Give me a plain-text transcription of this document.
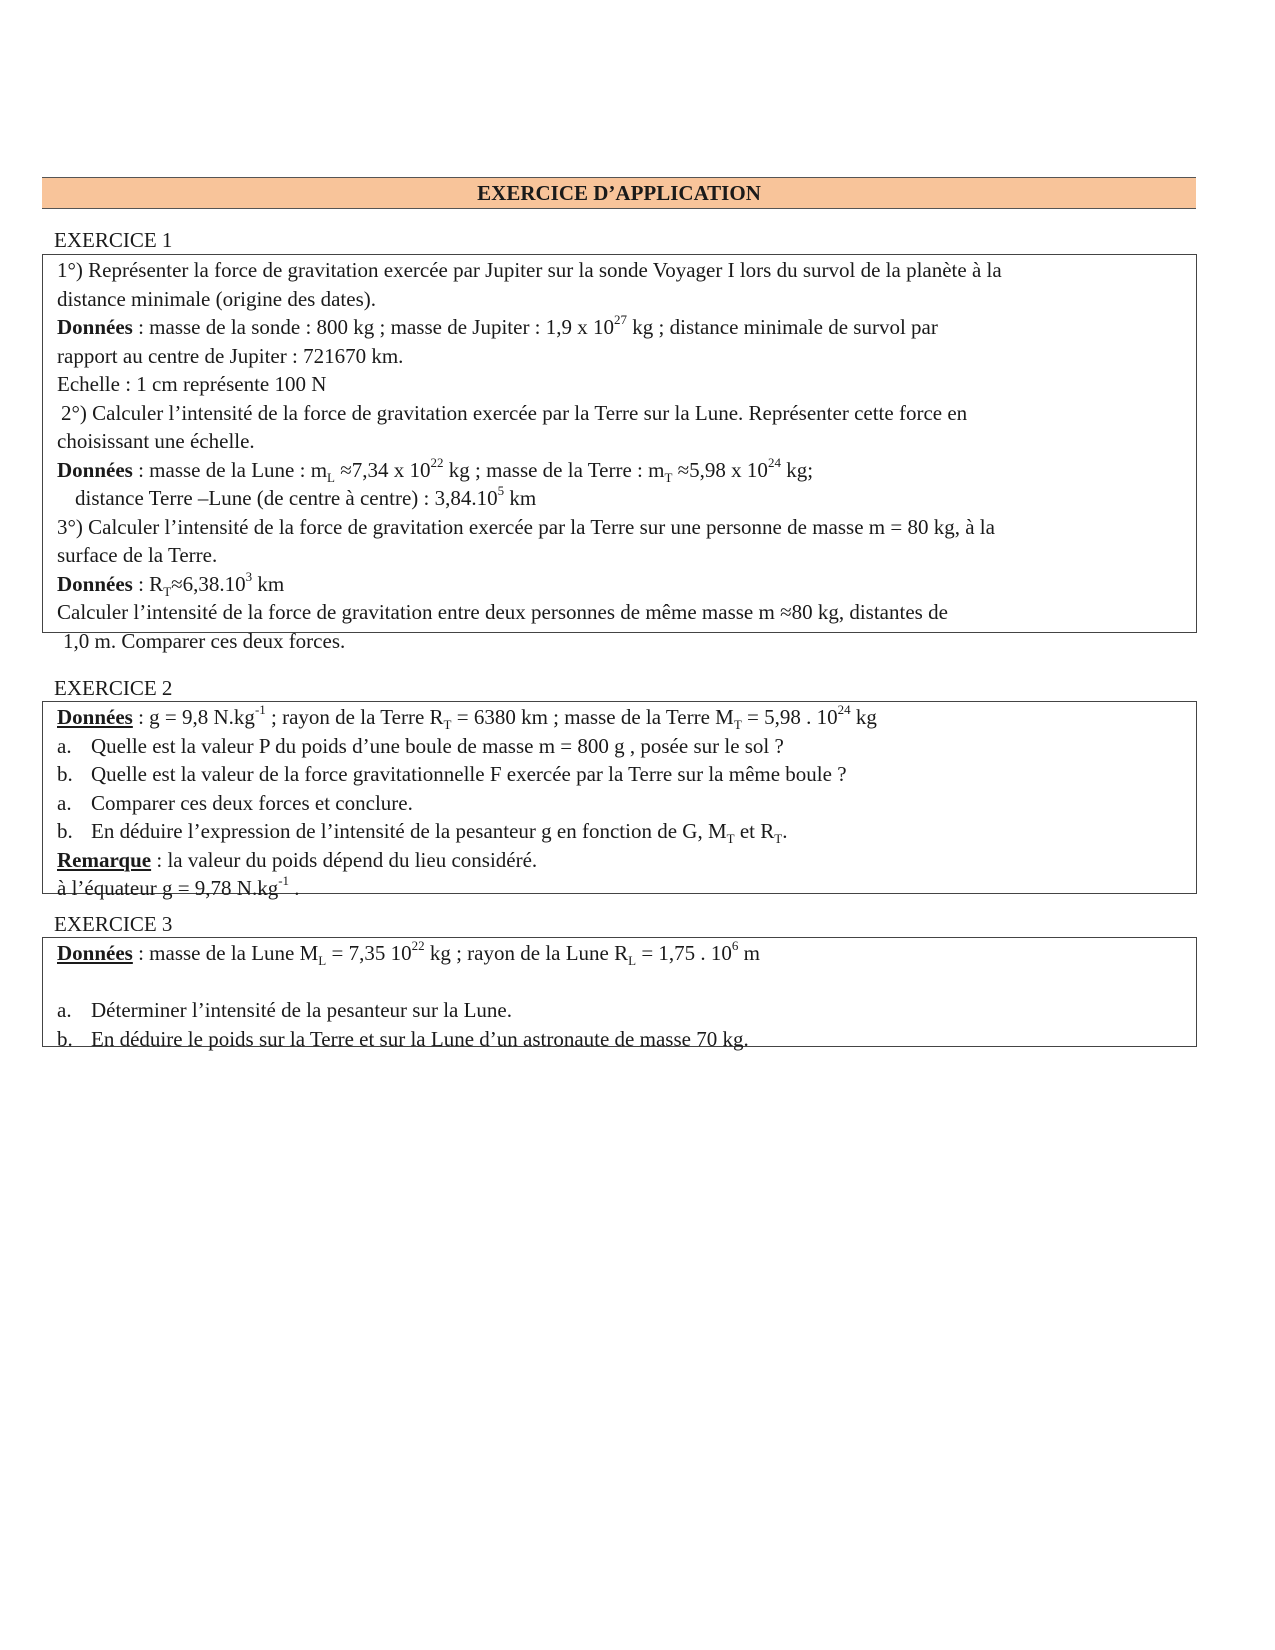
EXERCICE D’APPLICATION
EXERCICE 1
1°) Représenter la force de gravitation exercée par Jupiter sur la sonde Voyager I lors du survol de la planète à la
distance minimale (origine des dates).
Données : masse de la sonde : 800 kg ; masse de Jupiter : 1,9 x $10^{27}$ kg ; distance minimale de survol par
rapport au centre de Jupiter : 721670 km.
Echelle : 1 cm représente 100 N
2°) Calculer l’intensité de la force de gravitation exercée par la Terre sur la Lune. Représenter cette force en
choisissant une échelle.
Données : masse de la Lune : $m_L \approx 7,34$ x $10^{22}$ kg ; masse de la Terre : $m_T \approx 5,98$ x $10^{24}$ kg;
distance Terre –Lune (de centre à centre) : 3,84.10$^5$ km
3°) Calculer l’intensité de la force de gravitation exercée par la Terre sur une personne de masse m = 80 kg, à la
surface de la Terre.
Données : $R_T\approx 6,38.10^3$ km
Calculer l’intensité de la force de gravitation entre deux personnes de même masse m ≈80 kg, distantes de
1,0 m. Comparer ces deux forces.
EXERCICE 2
Données : g = 9,8 $N.kg^{-1}$ ; rayon de la Terre $R_T = 6380$ km ; masse de la Terre $M_T = 5,98$ . $10^{24}$ kg
a. Quelle est la valeur P du poids d’une boule de masse m = 800 g , posée sur le sol ?
b. Quelle est la valeur de la force gravitationnelle F exercée par la Terre sur la même boule ?
a. Comparer ces deux forces et conclure.
b. En déduire l’expression de l’intensité de la pesanteur g en fonction de G, $M_T$ et $R_T$.
Remarque : la valeur du poids dépend du lieu considéré.
à l’équateur g = 9,78 $N.kg^{-1}$ .
EXERCICE 3
Données : masse de la Lune $M_L = 7,35$ $10^{22}$ kg ; rayon de la Lune $R_L = 1,75$ . $10^6$ m
a. Déterminer l’intensité de la pesanteur sur la Lune.
b. En déduire le poids sur la Terre et sur la Lune d’un astronaute de masse 70 kg.
